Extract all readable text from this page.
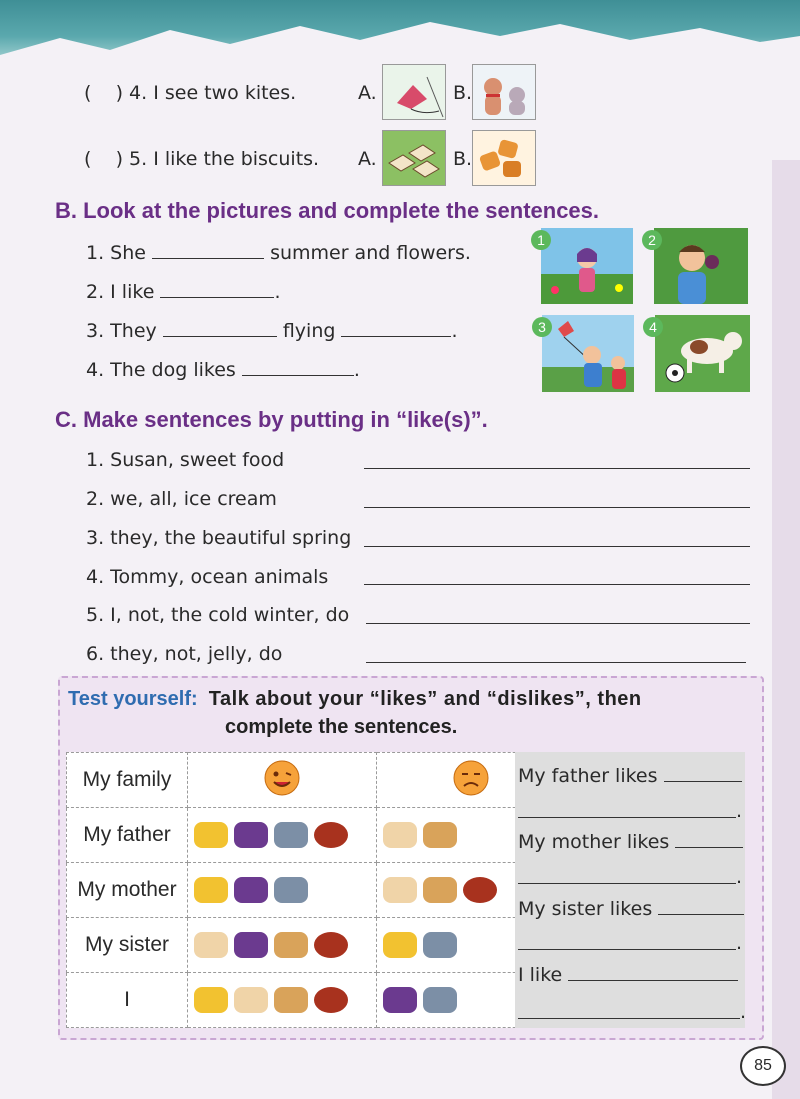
( ) 4. I see two kites.	A.	B.
( ) 5. I like the biscuits. A.	B.
B. Look at the pictures and complete the sentences.
1. She	summer and flowers.
2. I like	.
3. They	flying	.
4. The dog likes	.
1	2
3	4
C. Make sentences by putting in “like(s)”.
1. Susan, sweet food
2. we, all, ice cream
3. they, the beautiful spring
4. Tommy, ocean animals
5. I, not, the cold winter, do
6. they, not, jelly, do
Test yourself: Talk about your “likes” and “dislikes”, then
complete the sentences.
My family		
My father	

My mother	

My sister	

I	

My father likes
.
My mother likes
.
My sister likes
.
I like
.
85
